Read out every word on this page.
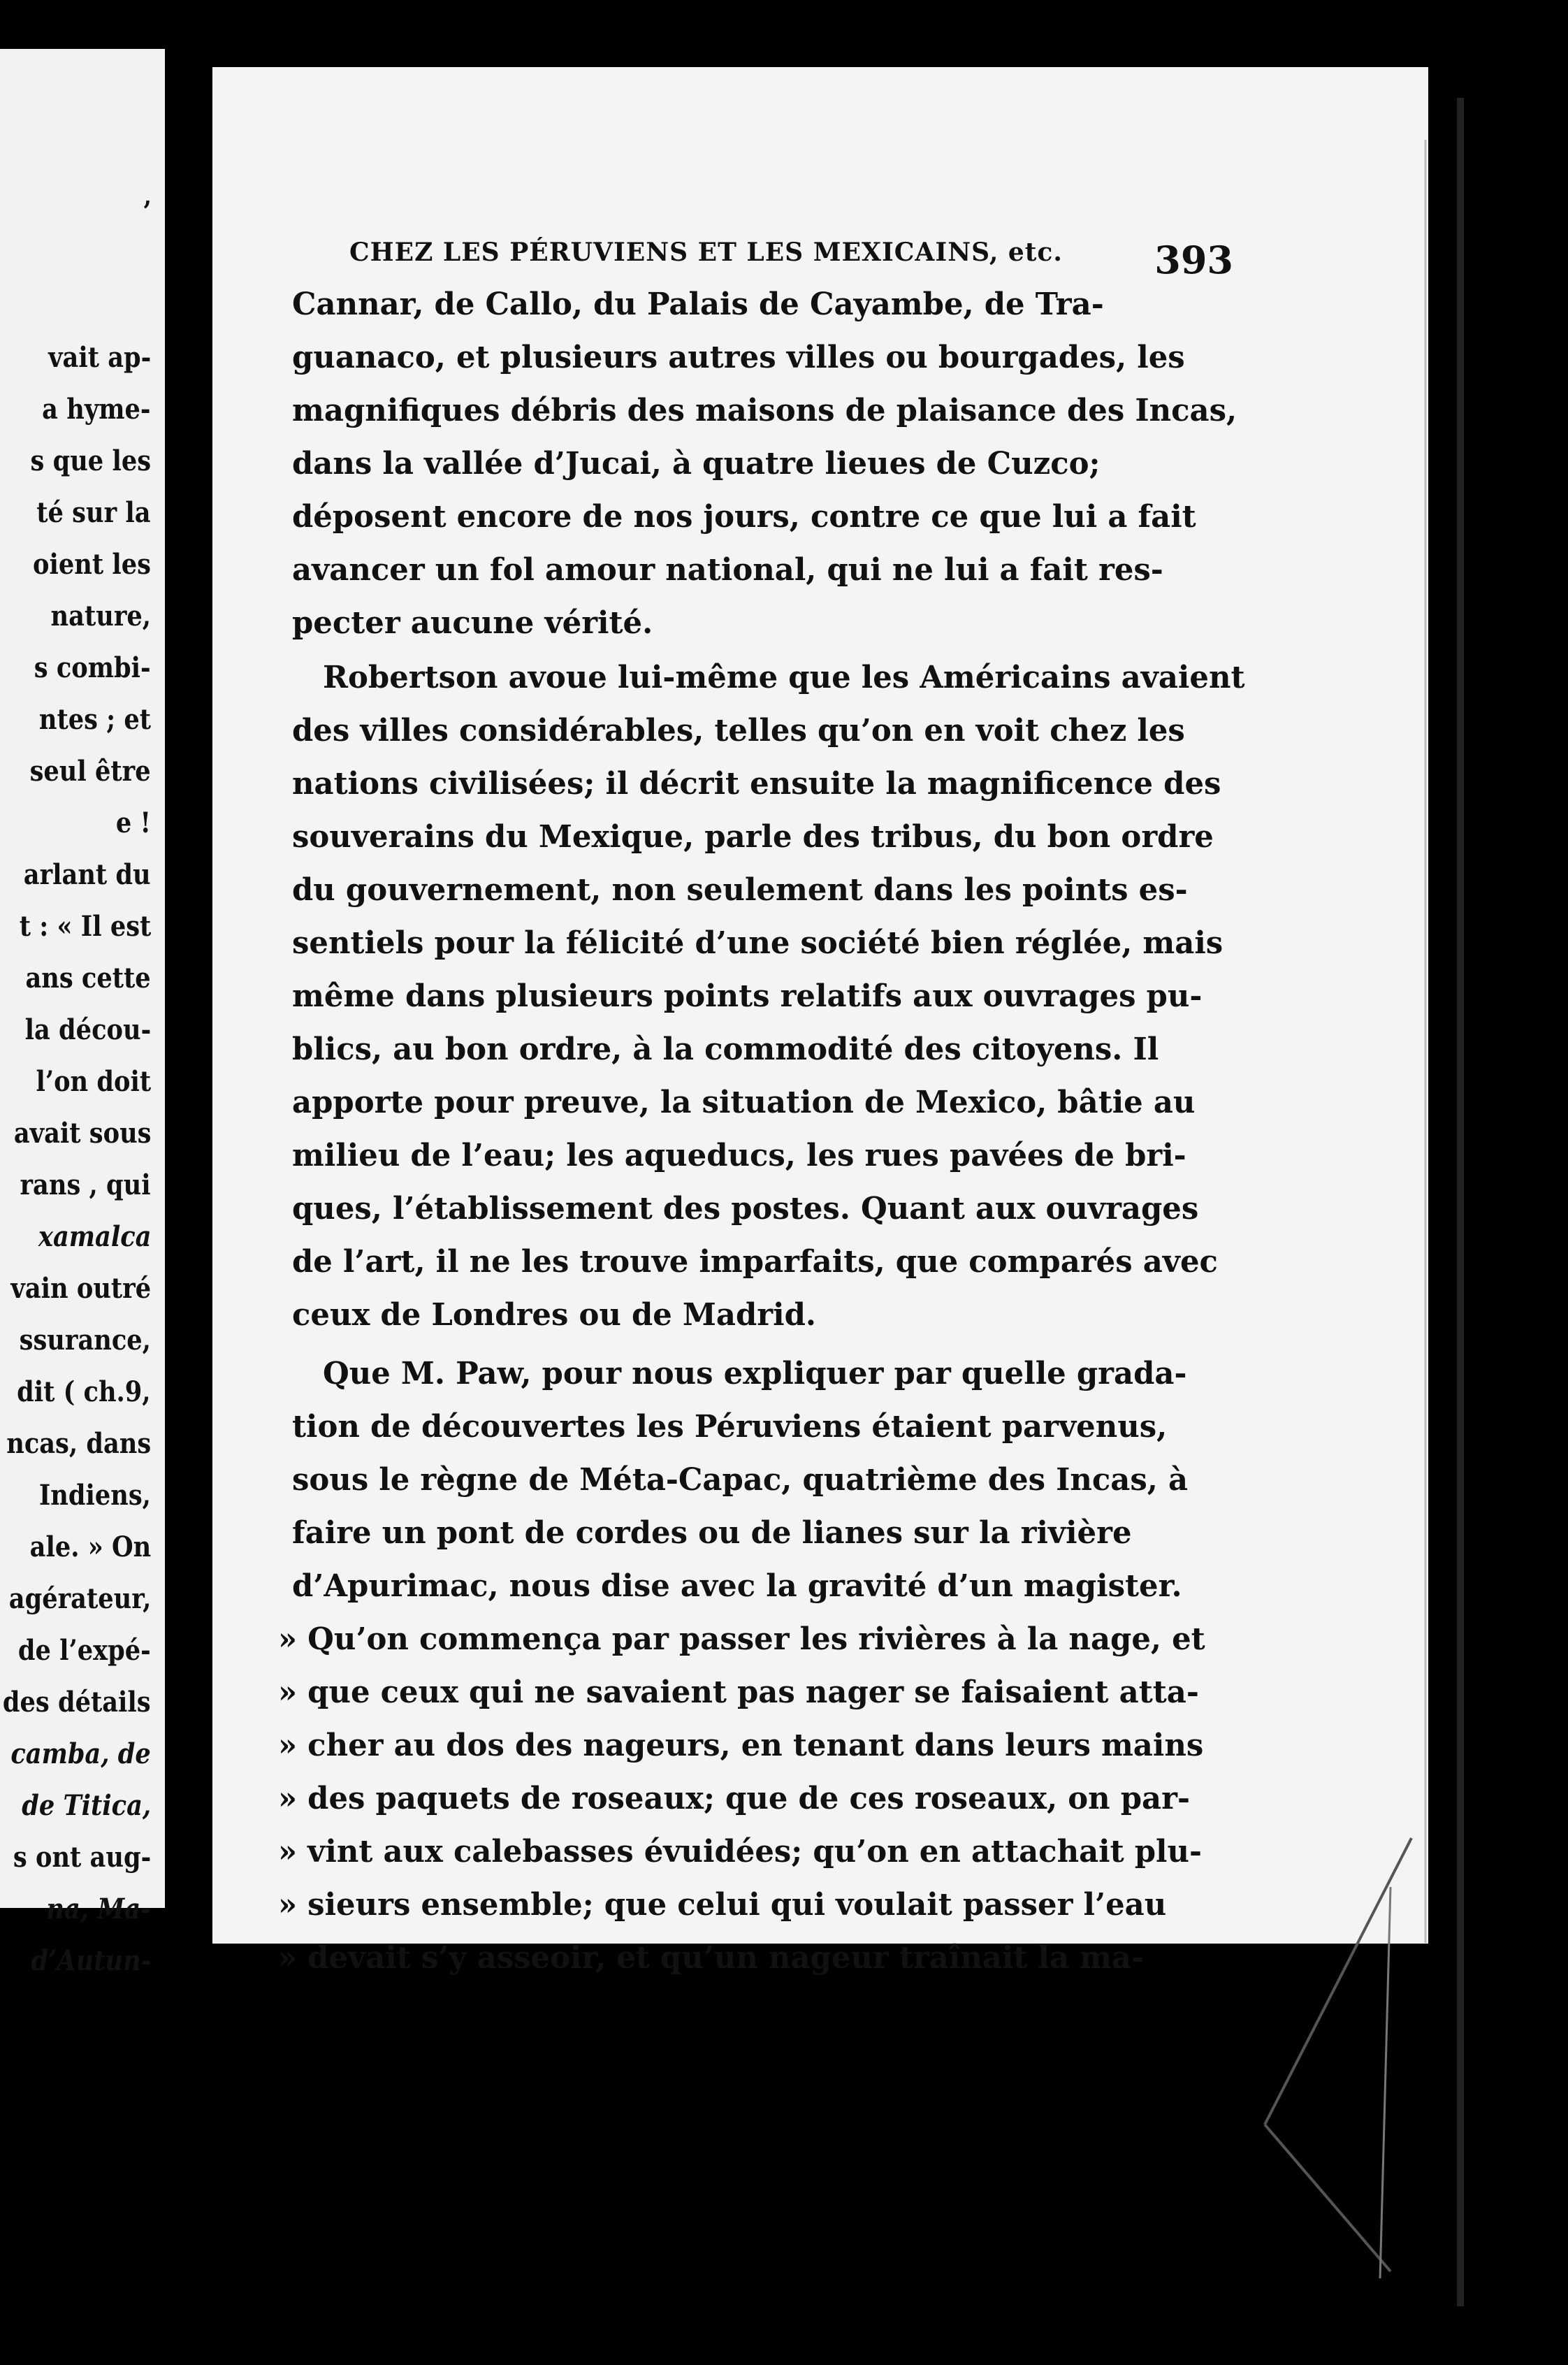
ʼ
vait ap-
a hyme-
s que les
té sur la
oient les
nature,
s combi-
ntes ; et
seul être
e !
arlant du
t : « Il est
ans cette
la décou-
l’on doit
avait sous
rans , qui
xamalca
vain outré
ssurance,
dit ( ch.9,
ncas, dans
Indiens,
ale. » On
agérateur,
de l’expé-
des détails
camba, de
de Titica,
s ont aug-
na, Ma-
d’Autun-
CHEZ LES PÉRUVIENS ET LES MEXICAINS, etc. 393
Cannar, de Callo, du Palais de Cayambe, de Tra-
guanaco, et plusieurs autres villes ou bourgades, les
magnifiques débris des maisons de plaisance des Incas,
dans la vallée d’Jucai, à quatre lieues de Cuzco;
déposent encore de nos jours, contre ce que lui a fait
avancer un fol amour national, qui ne lui a fait res-
pecter aucune vérité.
Robertson avoue lui-même que les Américains avaient
des villes considérables, telles qu’on en voit chez les
nations civilisées; il décrit ensuite la magnificence des
souverains du Mexique, parle des tribus, du bon ordre
du gouvernement, non seulement dans les points es-
sentiels pour la félicité d’une société bien réglée, mais
même dans plusieurs points relatifs aux ouvrages pu-
blics, au bon ordre, à la commodité des citoyens. Il
apporte pour preuve, la situation de Mexico, bâtie au
milieu de l’eau; les aqueducs, les rues pavées de bri-
ques, l’établissement des postes. Quant aux ouvrages
de l’art, il ne les trouve imparfaits, que comparés avec
ceux de Londres ou de Madrid.
Que M. Paw, pour nous expliquer par quelle grada-
tion de découvertes les Péruviens étaient parvenus,
sous le règne de Méta-Capac, quatrième des Incas, à
faire un pont de cordes ou de lianes sur la rivière
d’Apurimac, nous dise avec la gravité d’un magister.
» Qu’on commença par passer les rivières à la nage, et
» que ceux qui ne savaient pas nager se faisaient atta-
» cher au dos des nageurs, en tenant dans leurs mains
» des paquets de roseaux; que de ces roseaux, on par-
» vint aux calebasses évuidées; qu’on en attachait plu-
» sieurs ensemble; que celui qui voulait passer l’eau
» devait s’y asseoir, et qu’un nageur traînait la ma-
